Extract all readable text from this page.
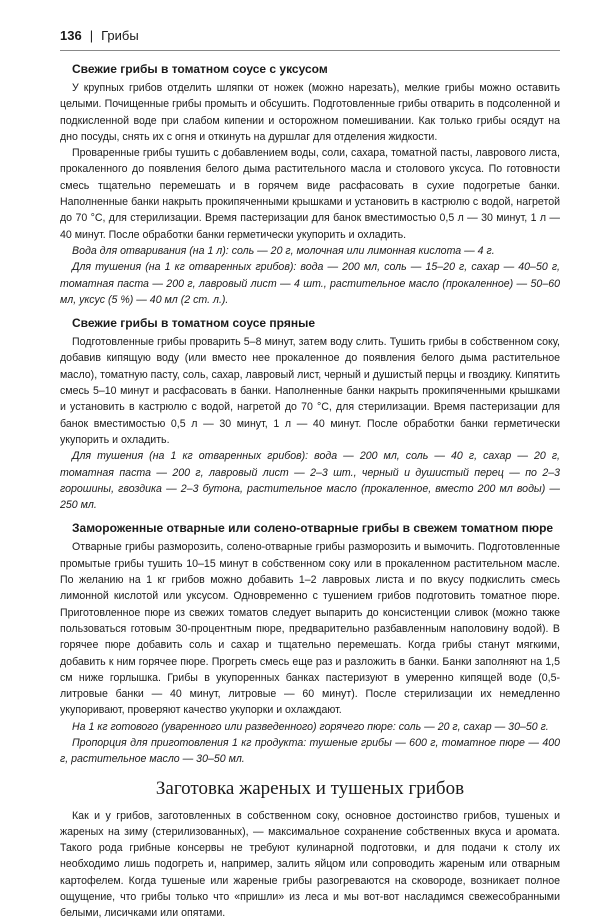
136 | Грибы
Свежие грибы в томатном соусе с уксусом

У крупных грибов отделить шляпки от ножек (можно нарезать), мелкие грибы можно оставить целыми. Почищенные грибы промыть и обсушить. Подготовленные грибы отварить в подсоленной и подкисленной воде при слабом кипении и осторожном помешивании. Как только грибы осядут на дно посуды, снять их с огня и откинуть на дуршлаг для отделения жидкости.

Проваренные грибы тушить с добавлением воды, соли, сахара, томатной пасты, лаврового листа, прокаленного до появления белого дыма растительного масла и столового уксуса. По готовности смесь тщательно перемешать и в горячем виде расфасовать в сухие подогретые банки. Наполненные банки накрыть прокипяченными крышками и установить в кастрюлю с водой, нагретой до 70 °С, для стерилизации. Время пастеризации для банок вместимостью 0,5 л — 30 минут, 1 л — 40 минут. После обработки банки герметически укупорить и охладить.

Вода для отваривания (на 1 л): соль — 20 г, молочная или лимонная кислота — 4 г.

Для тушения (на 1 кг отваренных грибов): вода — 200 мл, соль — 15–20 г, сахар — 40–50 г, томатная паста — 200 г, лавровый лист — 4 шт., растительное масло (прокаленное) — 50–60 мл, уксус (5 %) — 40 мл (2 ст. л.).

Свежие грибы в томатном соусе пряные

Подготовленные грибы проварить 5–8 минут, затем воду слить. Тушить грибы в собственном соку, добавив кипящую воду (или вместо нее прокаленное до появления белого дыма растительное масло), томатную пасту, соль, сахар, лавровый лист, черный и душистый перцы и гвоздику. Кипятить смесь 5–10 минут и расфасовать в банки. Наполненные банки накрыть прокипяченными крышками и установить в кастрюлю с водой, нагретой до 70 °С, для стерилизации. Время пастеризации для банок вместимостью 0,5 л — 30 минут, 1 л — 40 минут. После обработки банки герметически укупорить и охладить.

Для тушения (на 1 кг отваренных грибов): вода — 200 мл, соль — 40 г, сахар — 20 г, томатная паста — 200 г, лавровый лист — 2–3 шт., черный и душистый перец — по 2–3 горошины, гвоздика — 2–3 бутона, растительное масло (прокаленное, вместо 200 мл воды) — 250 мл.

Замороженные отварные или солено-отварные грибы в свежем томатном пюре

Отварные грибы разморозить, солено-отварные грибы разморозить и вымочить. Подготовленные промытые грибы тушить 10–15 минут в собственном соку или в прокаленном растительном масле. По желанию на 1 кг грибов можно добавить 1–2 лавровых листа и по вкусу подкислить смесь лимонной кислотой или уксусом. Одновременно с тушением грибов подготовить томатное пюре. Приготовленное пюре из свежих томатов следует выпарить до консистенции сливок (можно также пользоваться готовым 30-процентным пюре, предварительно разбавленным наполовину водой). В горячее пюре добавить соль и сахар и тщательно перемешать. Когда грибы станут мягкими, добавить к ним горячее пюре. Прогреть смесь еще раз и разложить в банки. Банки заполняют на 1,5 см ниже горлышка. Грибы в укупоренных банках пастеризуют в умеренно кипящей воде (0,5-литровые банки — 40 минут, литровые — 60 минут). После стерилизации их немедленно укупоривают, проверяют качество укупорки и охлаждают.

На 1 кг готового (уваренного или разведенного) горячего пюре: соль — 20 г, сахар — 30–50 г.

Пропорция для приготовления 1 кг продукта: тушеные грибы — 600 г, томатное пюре — 400 г, растительное масло — 30–50 мл.

Заготовка жареных и тушеных грибов

Как и у грибов, заготовленных в собственном соку, основное достоинство грибов, тушеных и жареных на зиму (стерилизованных), — максимальное сохранение собственных вкуса и аромата. Такого рода грибные консервы не требуют кулинарной подготовки, и для подачи к столу их необходимо лишь подогреть и, например, залить яйцом или сопроводить жареным или отварным картофелем. Когда тушеные или жареные грибы разогреваются на сковороде, возникает полное ощущение, что грибы только что «пришли» из леса и мы вот-вот насладимся свежесобранными белыми, лисичками или опятами.
